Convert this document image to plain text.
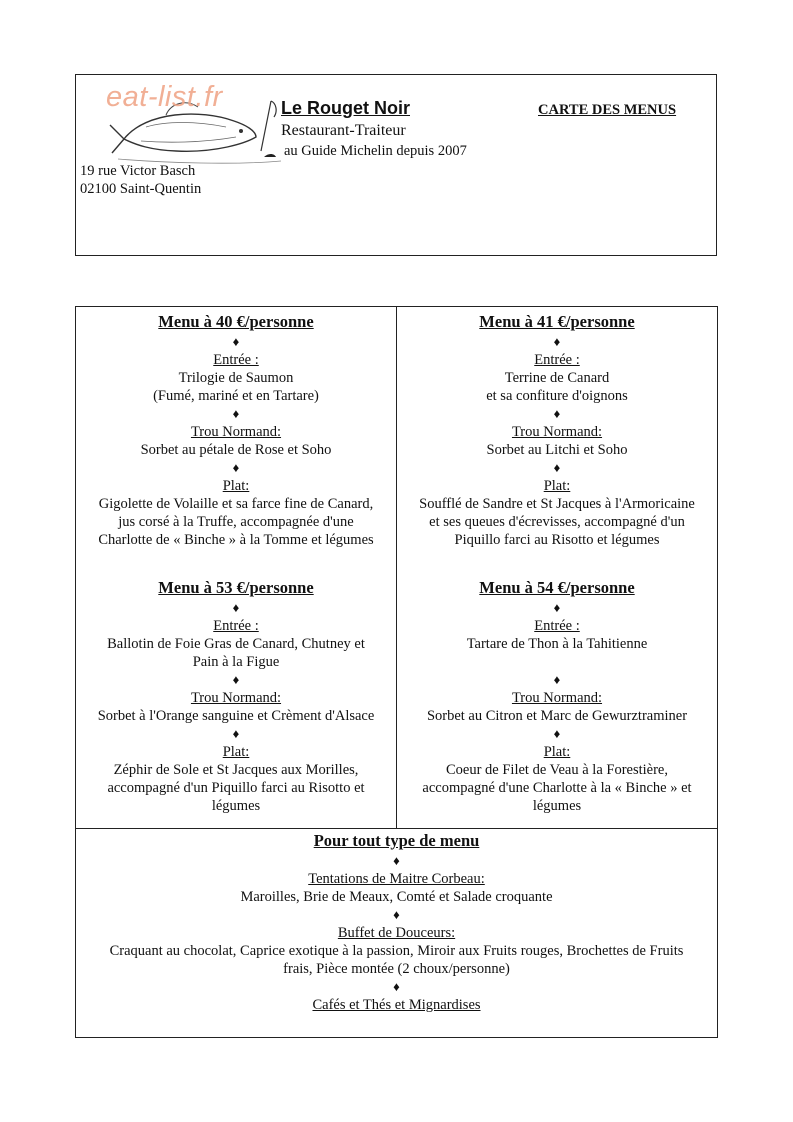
eat-list.fr	Le Rouget Noir
Restaurant-Traiteur
au Guide Michelin depuis 2007
CARTE DES MENUS
19 rue Victor Basch
02100 Saint-Quentin
Menu à 40 €/personne
♦
Entrée :
Trilogie de Saumon
(Fumé, mariné et en Tartare)
♦
Trou Normand:
Sorbet au pétale de Rose et Soho
♦
Plat:
Gigolette de Volaille et sa farce fine de Canard,
jus corsé à la Truffe, accompagnée d'une
Charlotte de « Binche » à la Tomme et légumes
Menu à 41 €/personne
♦
Entrée :
Terrine de Canard
et sa confiture d'oignons
♦
Trou Normand:
Sorbet au Litchi et Soho
♦
Plat:
Soufflé de Sandre et St Jacques à l'Armoricaine
et ses queues d'écrevisses, accompagné d'un
Piquillo farci au Risotto et légumes
Menu à 53 €/personne
♦
Entrée :
Ballotin de Foie Gras de Canard, Chutney et
Pain à la Figue
♦
Trou Normand:
Sorbet à l'Orange sanguine et Crèment d'Alsace
♦
Plat:
Zéphir de Sole et St Jacques aux Morilles,
accompagné d'un Piquillo farci au Risotto et
légumes
Menu à 54 €/personne
♦
Entrée :
Tartare de Thon à la Tahitienne
♦
Trou Normand:
Sorbet au Citron et Marc de Gewurztraminer
♦
Plat:
Coeur de Filet de Veau à la Forestière,
accompagné d'une Charlotte à la « Binche » et
légumes
Pour tout type de menu
♦
Tentations de Maitre Corbeau:
Maroilles, Brie de Meaux, Comté et Salade croquante
♦
Buffet de Douceurs:
Craquant au chocolat, Caprice exotique à la passion, Miroir aux Fruits rouges, Brochettes de Fruits
frais, Pièce montée (2 choux/personne)
♦
Cafés et Thés et Mignardises
